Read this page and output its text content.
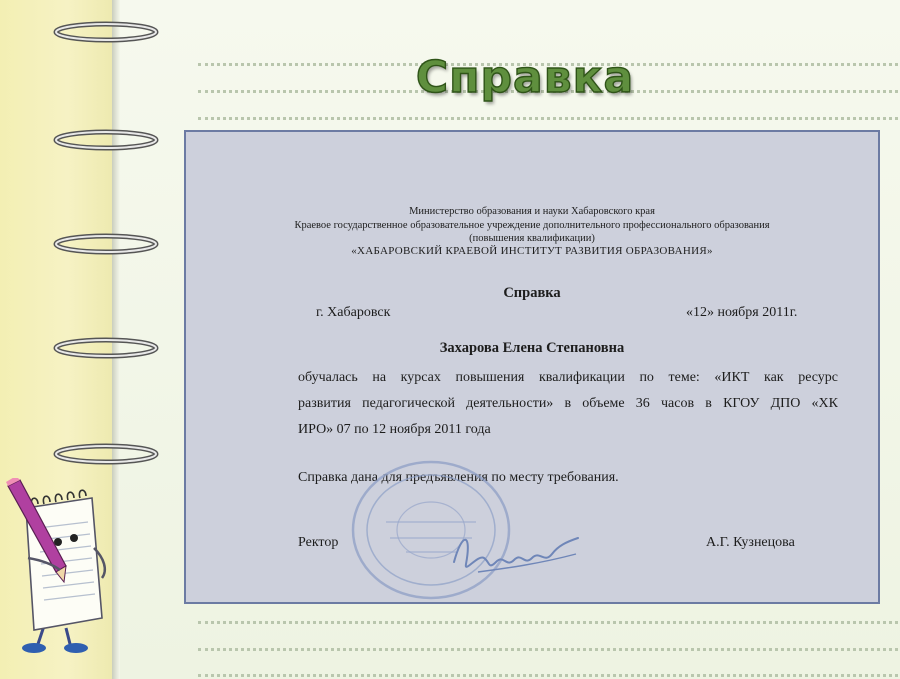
Справка
Министерство образования и науки Хабаровского края
Краевое государственное образовательное учреждение дополнительного профессионального образования
(повышения квалификации)
«ХАБАРОВСКИЙ КРАЕВОЙ ИНСТИТУТ РАЗВИТИЯ ОБРАЗОВАНИЯ»
Справка
г. Хабаровск	«12» ноября 2011г.
Захарова Елена Степановна
обучалась на курсах повышения квалификации по теме: «ИКТ как ресурс
развития педагогической деятельности» в объеме 36 часов в КГОУ ДПО «ХК
ИРО» 07 по 12 ноября 2011 года
Справка дана для предъявления по месту требования.
Ректор	А.Г. Кузнецова
